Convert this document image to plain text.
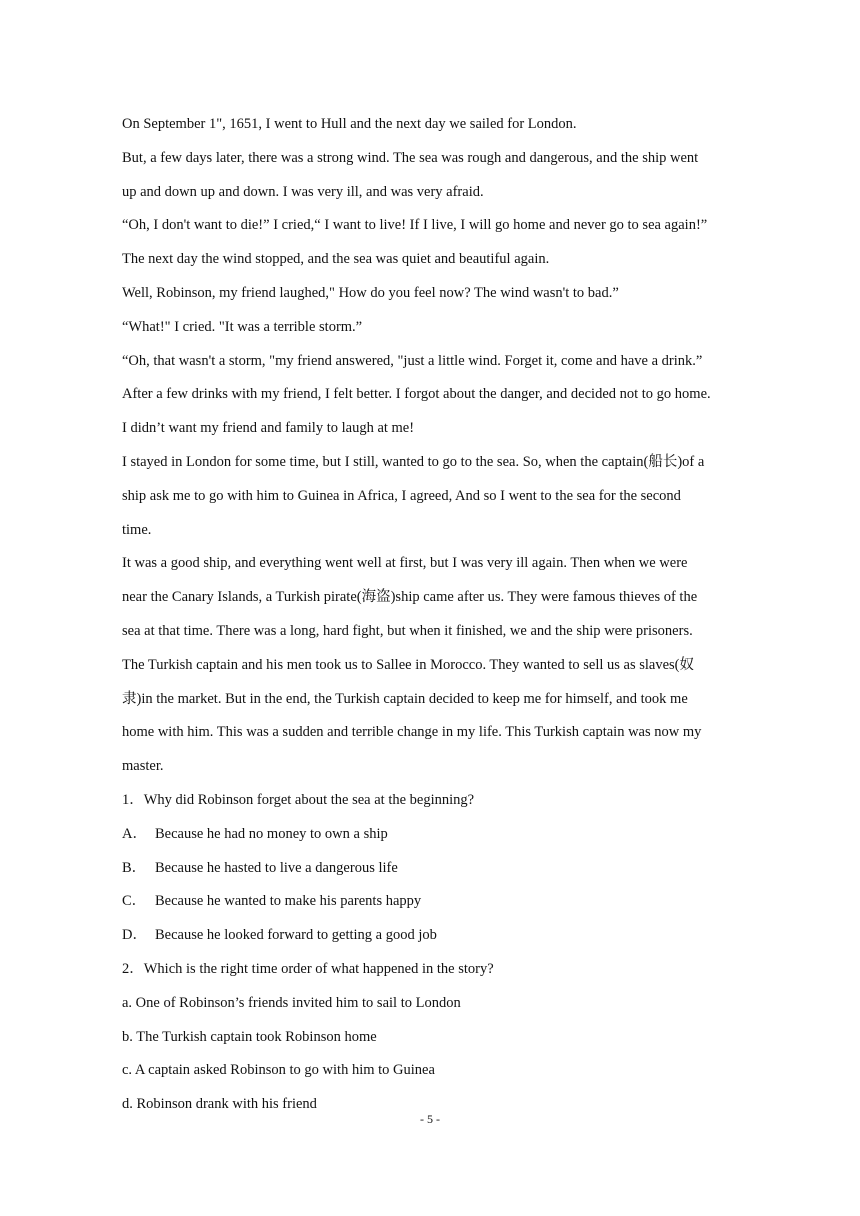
On September 1", 1651, I went to Hull and the next day we sailed for London.
But, a few days later, there was a strong wind. The sea was rough and dangerous, and the ship went
up and down up and down. I was very ill, and was very afraid.
“Oh, I don't want to die!” I cried,“ I want to live! If I live, I will go home and never go to sea again!”
The next day the wind stopped, and the sea was quiet and beautiful again.
Well, Robinson, my friend laughed," How do you feel now? The wind wasn't to bad.”
“What!" I cried. "It was a terrible storm.”
“Oh, that wasn't a storm, "my friend answered, "just a little wind. Forget it, come and have a drink.”
After a few drinks with my friend, I felt better. I forgot about the danger, and decided not to go home.
I didn’t want my friend and family to laugh at me!
I stayed in London for some time, but I still, wanted to go to the sea. So, when the captain(船长)of a
ship ask me to go with him to Guinea in Africa, I agreed, And so I went to the sea for the second
time.
It was a good ship, and everything went well at first, but I was very ill again. Then when we were
near the Canary Islands, a Turkish pirate(海盗)ship came after us. They were famous thieves of the
sea at that time. There was a long, hard fight, but when it finished, we and the ship were prisoners.
The Turkish captain and his men took us to Sallee in Morocco. They wanted to sell us as slaves(奴
隶)in the market. But in the end, the Turkish captain decided to keep me for himself, and took me
home with him. This was a sudden and terrible change in my life. This Turkish captain was now my
master.
1．Why did Robinson forget about the sea at the beginning?
A． Because he had no money to own a ship
B． Because he hasted to live a dangerous life
C． Because he wanted to make his parents happy
D． Because he looked forward to getting a good job
2．Which is the right time order of what happened in the story?
a. One of Robinson’s friends invited him to sail to London
b. The Turkish captain took Robinson home
c. A captain asked Robinson to go with him to Guinea
d. Robinson drank with his friend
- 5 -
